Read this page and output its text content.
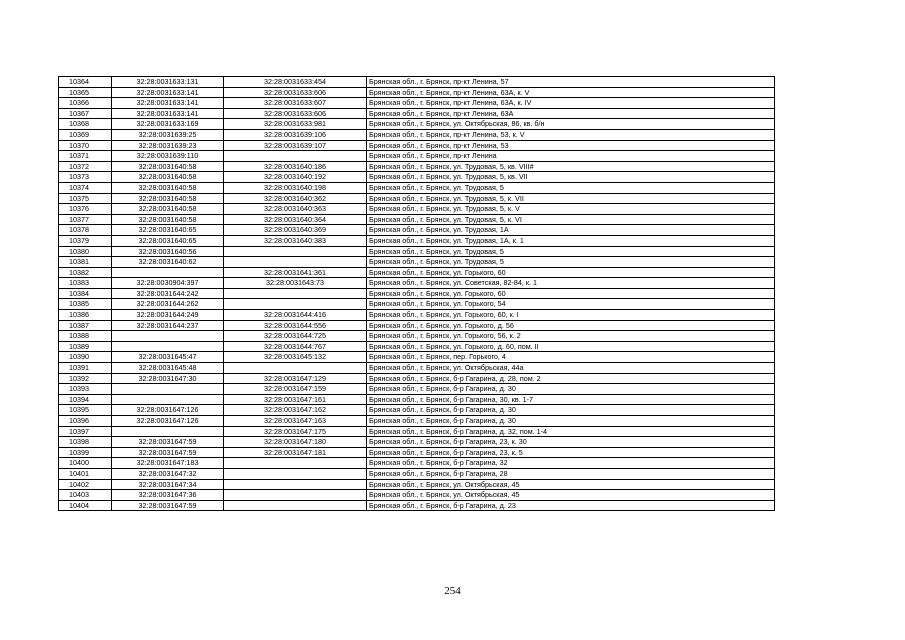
10364	32:28:0031633:131	32:28:0031633:454	Брянская обл., г. Брянск, пр-кт Ленина, 57
10365	32:28:0031633:141	32:28:0031633:606	Брянская обл., г. Брянск, пр-кт Ленина, 63А, к. V
10366	32:28:0031633:141	32:28:0031633:607	Брянская обл., г. Брянск, пр-кт Ленина, 63А, к. IV
10367	32:28:0031633:141	32:28:0031633:606	Брянская обл., г. Брянск, пр-кт Ленина, 63А
10368	32:28:0031633:169	32:28:0031633:981	Брянская обл., г. Брянск, ул. Октябрьская, 86, кв. б/н
10369	32:28:0031639:25	32:28:0031639:106	Брянская обл., г. Брянск, пр-кт Ленина, 53, к. V
10370	32:28:0031639:23	32:28:0031639:107	Брянская обл., г. Брянск, пр-кт Ленина, 53
10371	32:28:0031639:110		Брянская обл., г. Брянск, пр-кт Ленина
10372	32:28:0031640:58	32:28:0031640:186	Брянская обл., г. Брянск, ул. Трудовая, 5, кв. VIII#
10373	32:28:0031640:58	32:28:0031640:192	Брянская обл., г. Брянск, ул. Трудовая, 5, кв. VII
10374	32:28:0031640:58	32:28:0031640:198	Брянская обл., г. Брянск, ул. Трудовая, 5
10375	32:28:0031640:58	32:28:0031640:362	Брянская обл., г. Брянск, ул. Трудовая, 5, к. VII
10376	32:28:0031640:58	32:28:0031640:363	Брянская обл., г. Брянск, ул. Трудовая, 5, к. V
10377	32:28:0031640:58	32:28:0031640:364	Брянская обл., г. Брянск, ул. Трудовая, 5, к. VI
10378	32:28:0031640:65	32:28:0031640:369	Брянская обл., г. Брянск, ул. Трудовая, 1А
10379	32:28:0031640:65	32:28:0031640:383	Брянская обл., г. Брянск, ул. Трудовая, 1А, к. 1
10380	32:28:0031640:56		Брянская обл., г. Брянск, ул. Трудовая, 5
10381	32:28:0031640:62		Брянская обл., г. Брянск, ул. Трудовая, 5
10382		32:28:0031641:361	Брянская обл., г. Брянск, ул. Горького, 60
10383	32:28:0030904:397	32:28:0031643:73	Брянская обл., г. Брянск, ул. Советская, 82-84, к. 1
10384	32:28:0031644:242		Брянская обл., г. Брянск, ул. Горького, 60
10385	32:28:0031644:262		Брянская обл., г. Брянск, ул. Горького, 54
10386	32:28:0031644:249	32:28:0031644:416	Брянская обл., г. Брянск, ул. Горького, 60, к. I
10387	32:28:0031644:237	32:28:0031644:556	Брянская обл., г. Брянск, ул. Горького, д. 56
10388		32:28:0031644:725	Брянская обл., г. Брянск, ул. Горького, 56, к. 2
10389		32:28:0031644:767	Брянская обл., г. Брянск, ул. Горького, д. 60, пом. II
10390	32:28:0031645:47	32:28:0031645:132	Брянская обл., г. Брянск, пер. Горького, 4
10391	32:28:0031645:48		Брянская обл., г. Брянск, ул. Октябрьская, 44а
10392	32:28:0031647:30	32:28:0031647:129	Брянская обл., г. Брянск, б-р Гагарина, д. 28, пом. 2
10393		32:28:0031647:159	Брянская обл., г. Брянск, б-р Гагарина, д. 30
10394		32:28:0031647:161	Брянская обл., г. Брянск, б-р Гагарина, 30, кв. 1-7
10395	32:28:0031647:126	32:28:0031647:162	Брянская обл., г. Брянск, б-р Гагарина, д. 30
10396	32:28:0031647:126	32:28:0031647:163	Брянская обл., г. Брянск, б-р Гагарина, д. 30
10397		32:28:0031647:175	Брянская обл., г. Брянск, б-р Гагарина, д. 32, пом. 1-4
10398	32:28:0031647:59	32:28:0031647:180	Брянская обл., г. Брянск, б-р Гагарина, 23, к. 30
10399	32:28:0031647:59	32:28:0031647:181	Брянская обл., г. Брянск, б-р Гагарина, 23, к. 5
10400	32:28:0031647:183		Брянская обл., г. Брянск, б-р Гагарина, 32
10401	32:28:0031647:32		Брянская обл., г. Брянск, б-р Гагарина, 28
10402	32:28:0031647:34		Брянская обл., г. Брянск, ул. Октябрьская, 45
10403	32:28:0031647:36		Брянская обл., г. Брянск, ул. Октябрьская, 45
10404	32:28:0031647:59		Брянская обл., г. Брянск, б-р Гагарина, д. 23
254
